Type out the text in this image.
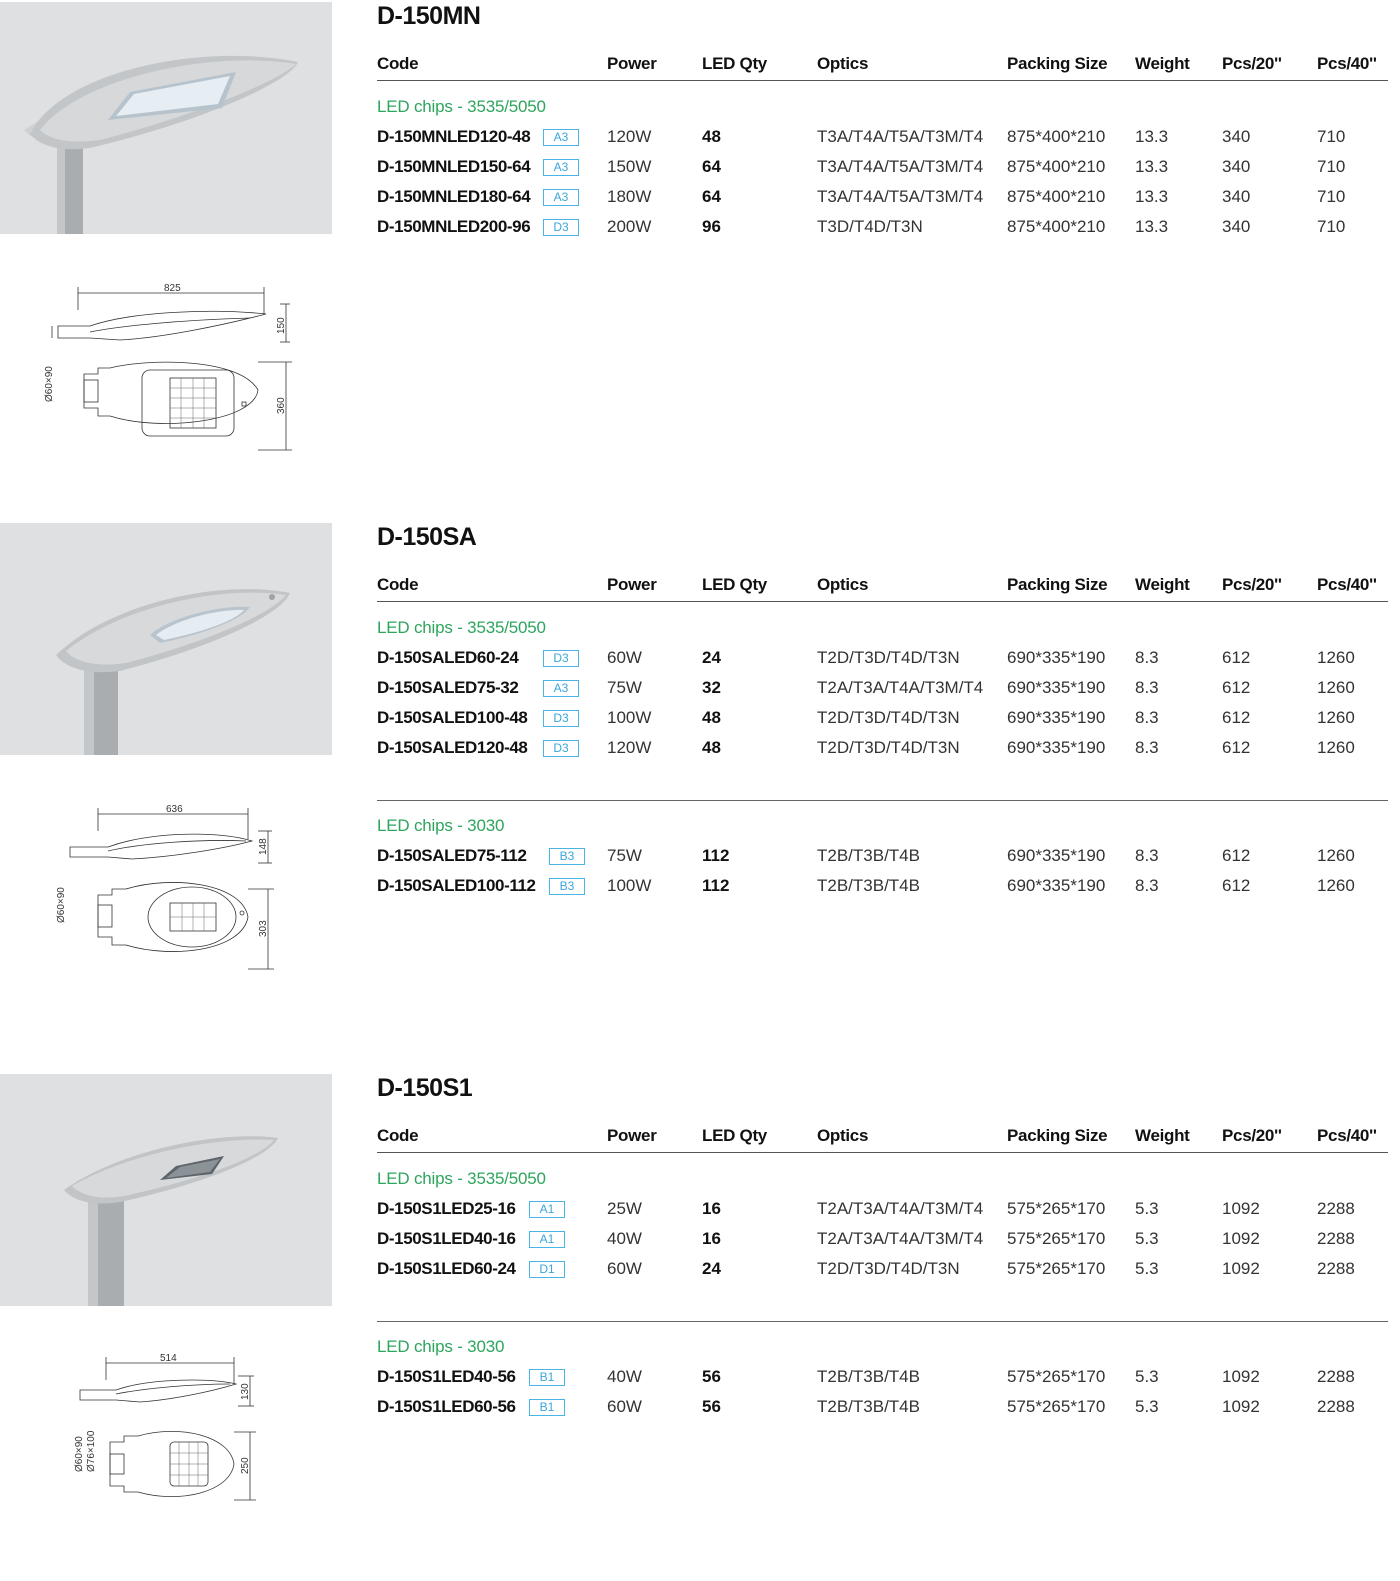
825
150
360
Ø60×90
D-150MN
Code	Power	LED Qty	Optics	Packing Size Weight Pcs/20'' Pcs/40''
LED chips - 3535/5050
D-150MNLED120-48	A3	120W	48	T3A/T4A/T5A/T3M/T4 875*400*210 13.3	340	710
D-150MNLED150-64	A3	150W	64	T3A/T4A/T5A/T3M/T4 875*400*210 13.3	340	710
D-150MNLED180-64	A3	180W	64	T3A/T4A/T5A/T3M/T4 875*400*210 13.3	340	710
D-150MNLED200-96	D3	200W	96	T3D/T4D/T3N	875*400*210 13.3	340	710
636
148
303
Ø60×90
D-150SA
Code	Power	LED Qty	Optics	Packing Size Weight Pcs/20'' Pcs/40''
LED chips - 3535/5050
D-150SALED60-24	D3	60W	24	T2D/T3D/T4D/T3N	690*335*190 8.3	612	1260
D-150SALED75-32	A3	75W	32	T2A/T3A/T4A/T3M/T4 690*335*190 8.3	612	1260
D-150SALED100-48	D3	100W	48	T2D/T3D/T4D/T3N	690*335*190 8.3	612	1260
D-150SALED120-48	D3	120W	48	T2D/T3D/T4D/T3N	690*335*190 8.3	612	1260
LED chips - 3030
D-150SALED75-112	B3	75W	112	T2B/T3B/T4B	690*335*190 8.3	612	1260
D-150SALED100-112	B3	100W	112	T2B/T3B/T4B	690*335*190 8.3	612	1260
514
130
250
Ø60×90 Ø76×100
D-150S1
Code	Power	LED Qty	Optics	Packing Size Weight Pcs/20'' Pcs/40''
LED chips - 3535/5050
D-150S1LED25-16	A1	25W	16	T2A/T3A/T4A/T3M/T4 575*265*170 5.3	1092	2288
D-150S1LED40-16	A1	40W	16	T2A/T3A/T4A/T3M/T4 575*265*170 5.3	1092	2288
D-150S1LED60-24	D1	60W	24	T2D/T3D/T4D/T3N	575*265*170 5.3	1092	2288
LED chips - 3030
D-150S1LED40-56	B1	40W	56	T2B/T3B/T4B	575*265*170 5.3	1092	2288
D-150S1LED60-56	B1	60W	56	T2B/T3B/T4B	575*265*170 5.3	1092	2288
